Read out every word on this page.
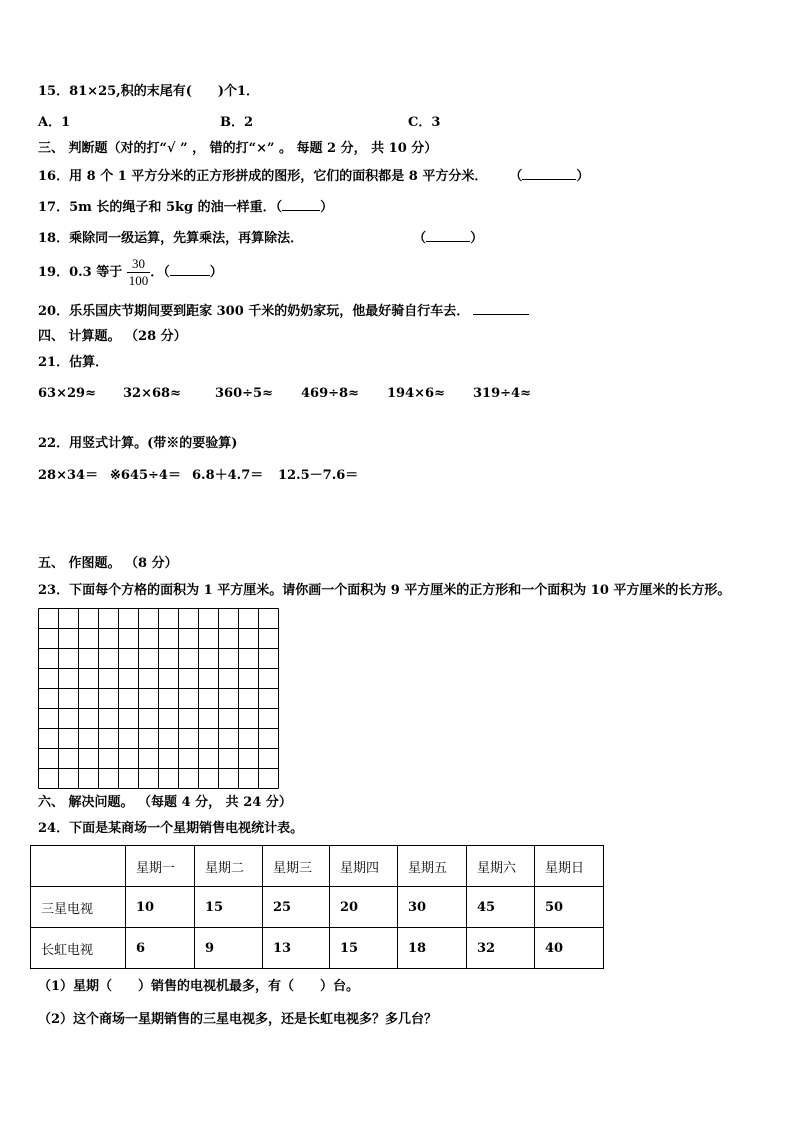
15．81×25,积的末尾有(　　)个1．
A．1	B．2	C．3
三、 判断题（对的打“√ ” ， 错的打“×” 。 每题 2 分， 共 10 分）
16．用 8 个 1 平方分米的正方形拼成的图形，它们的面积都是 8 平方分米． （	）
17．5m 长的绳子和 5kg 的油一样重．（	）
18．乘除同一级运算，先算乘法，再算除法．	（	）
19．0.3 等于 $\frac{30}{100}$ ．（	）
20．乐乐国庆节期间要到距家 300 千米的奶奶家玩，他最好骑自行车去．
四、 计算题。 （28 分）
21．估算．
63×29≈ 32×68≈	360÷5≈ 469÷8≈ 194×6≈ 319÷4≈
22．用竖式计算。(带※的要验算)
28×34＝ ※645÷4＝ 6.8＋4.7＝ 12.5－7.6＝
五、 作图题。 （8 分）
23．下面每个方格的面积为 1 平方厘米。请你画一个面积为 9 平方厘米的正方形和一个面积为 10 平方厘米的长方形。
六、 解决问题。 （每题 4 分， 共 24 分）
24．下面是某商场一个星期销售电视统计表。
	星期一	星期二	星期三	星期四	星期五	星期六	星期日
三星电视	10	15	25	20	30	45	50
长虹电视	6	9	13	15	18	32	40
（1）星期（　　）销售的电视机最多，有（　　）台。
（2）这个商场一星期销售的三星电视多，还是长虹电视多？多几台？
